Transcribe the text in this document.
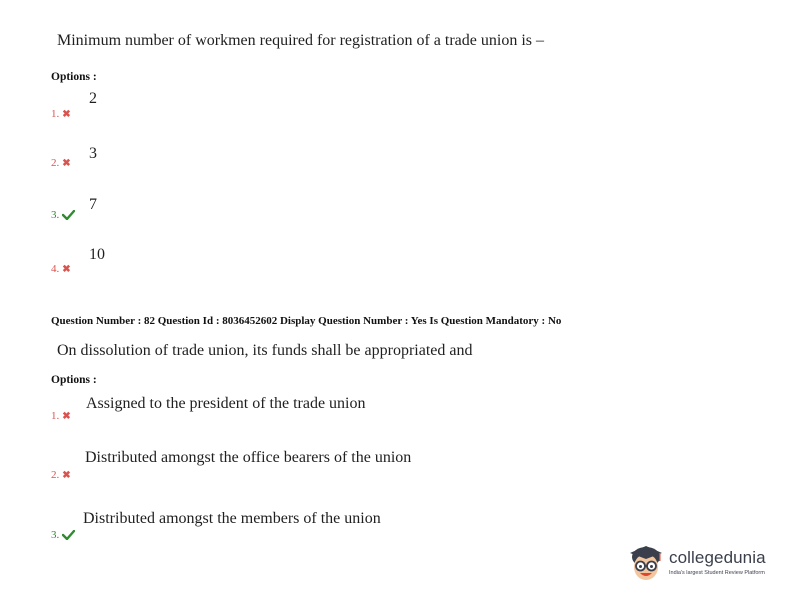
Minimum number of workmen required for registration of a trade union is –
Options :
2
1. ✖
3
2. ✖
7
3.
10
4. ✖
Question Number : 82 Question Id : 8036452602 Display Question Number : Yes Is Question Mandatory : No
On dissolution of trade union, its funds shall be appropriated and
Options :
Assigned to the president of the trade union
1. ✖
Distributed amongst the office bearers of the union
2. ✖
Distributed amongst the members of the union
3.
collegedunia
India's largest Student Review Platform
